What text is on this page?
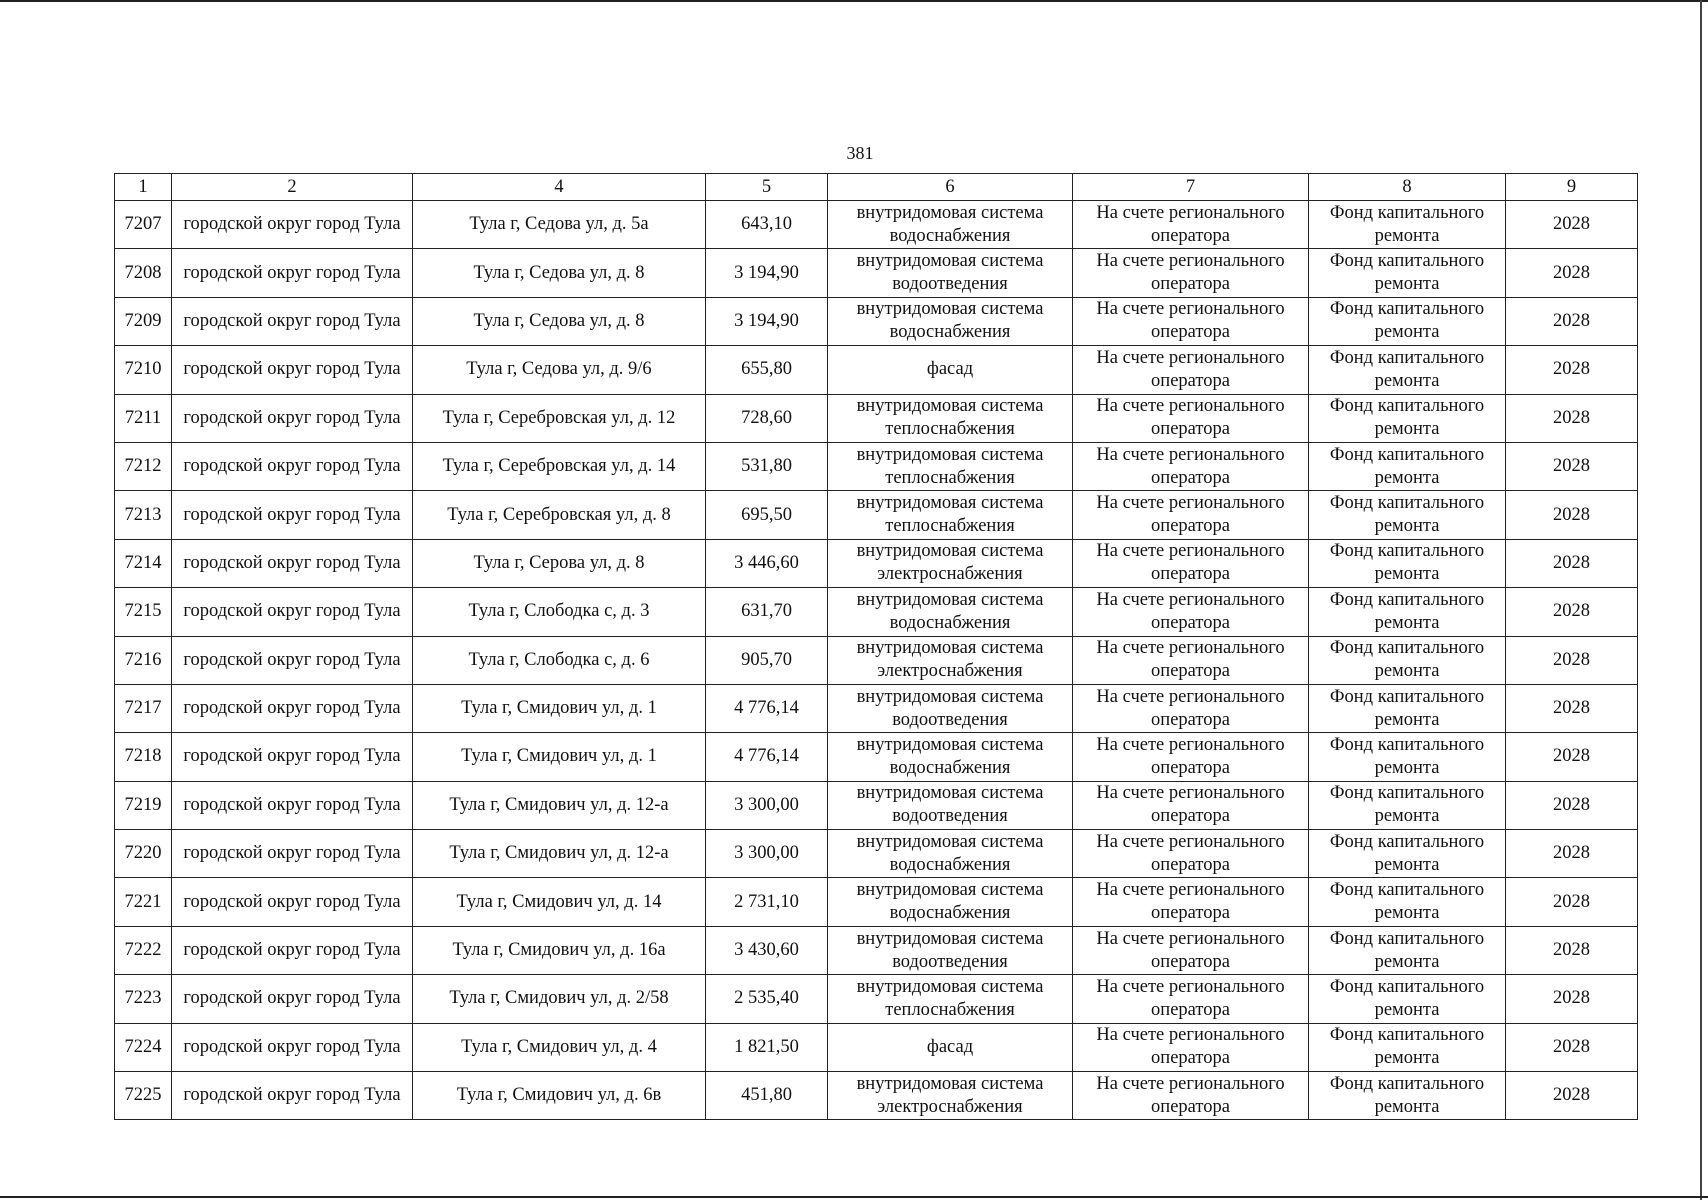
381
1	2	4	5	6	7	8	9
7207	городской округ город Тула	Тула г, Седова ул, д. 5а	643,10	внутридомовая система водоснабжения	На счете регионального оператора	Фонд капитального ремонта	2028
7208	городской округ город Тула	Тула г, Седова ул, д. 8	3 194,90	внутридомовая система водоотведения	На счете регионального оператора	Фонд капитального ремонта	2028
7209	городской округ город Тула	Тула г, Седова ул, д. 8	3 194,90	внутридомовая система водоснабжения	На счете регионального оператора	Фонд капитального ремонта	2028
7210	городской округ город Тула	Тула г, Седова ул, д. 9/6	655,80	фасад	На счете регионального оператора	Фонд капитального ремонта	2028
7211	городской округ город Тула	Тула г, Серебровская ул, д. 12	728,60	внутридомовая система теплоснабжения	На счете регионального оператора	Фонд капитального ремонта	2028
7212	городской округ город Тула	Тула г, Серебровская ул, д. 14	531,80	внутридомовая система теплоснабжения	На счете регионального оператора	Фонд капитального ремонта	2028
7213	городской округ город Тула	Тула г, Серебровская ул, д. 8	695,50	внутридомовая система теплоснабжения	На счете регионального оператора	Фонд капитального ремонта	2028
7214	городской округ город Тула	Тула г, Серова ул, д. 8	3 446,60	внутридомовая система электроснабжения	На счете регионального оператора	Фонд капитального ремонта	2028
7215	городской округ город Тула	Тула г, Слободка с, д. 3	631,70	внутридомовая система водоснабжения	На счете регионального оператора	Фонд капитального ремонта	2028
7216	городской округ город Тула	Тула г, Слободка с, д. 6	905,70	внутридомовая система электроснабжения	На счете регионального оператора	Фонд капитального ремонта	2028
7217	городской округ город Тула	Тула г, Смидович ул, д. 1	4 776,14	внутридомовая система водоотведения	На счете регионального оператора	Фонд капитального ремонта	2028
7218	городской округ город Тула	Тула г, Смидович ул, д. 1	4 776,14	внутридомовая система водоснабжения	На счете регионального оператора	Фонд капитального ремонта	2028
7219	городской округ город Тула	Тула г, Смидович ул, д. 12-а	3 300,00	внутридомовая система водоотведения	На счете регионального оператора	Фонд капитального ремонта	2028
7220	городской округ город Тула	Тула г, Смидович ул, д. 12-а	3 300,00	внутридомовая система водоснабжения	На счете регионального оператора	Фонд капитального ремонта	2028
7221	городской округ город Тула	Тула г, Смидович ул, д. 14	2 731,10	внутридомовая система водоснабжения	На счете регионального оператора	Фонд капитального ремонта	2028
7222	городской округ город Тула	Тула г, Смидович ул, д. 16а	3 430,60	внутридомовая система водоотведения	На счете регионального оператора	Фонд капитального ремонта	2028
7223	городской округ город Тула	Тула г, Смидович ул, д. 2/58	2 535,40	внутридомовая система теплоснабжения	На счете регионального оператора	Фонд капитального ремонта	2028
7224	городской округ город Тула	Тула г, Смидович ул, д. 4	1 821,50	фасад	На счете регионального оператора	Фонд капитального ремонта	2028
7225	городской округ город Тула	Тула г, Смидович ул, д. 6в	451,80	внутридомовая система электроснабжения	На счете регионального оператора	Фонд капитального ремонта	2028
